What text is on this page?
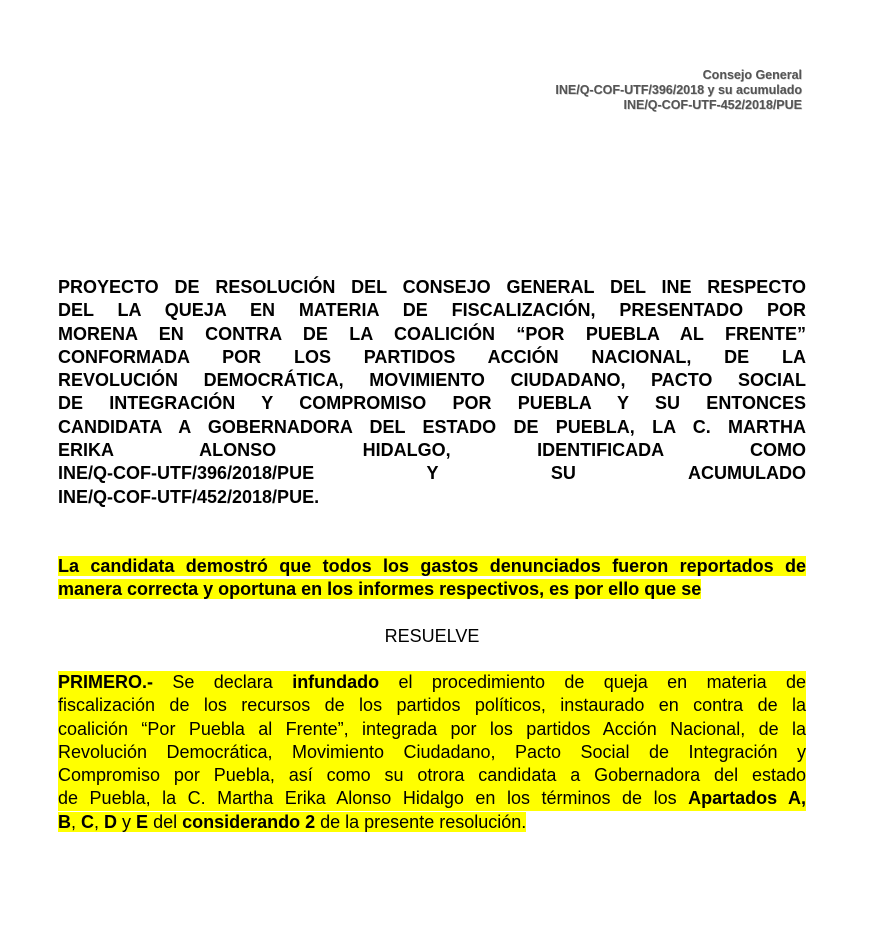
Consejo General
INE/Q-COF-UTF/396/2018 y su acumulado
INE/Q-COF-UTF-452/2018/PUE
PROYECTO DE RESOLUCIÓN DEL CONSEJO GENERAL DEL INE RESPECTO
DEL LA QUEJA EN MATERIA DE FISCALIZACIÓN, PRESENTADO POR
MORENA EN CONTRA DE LA COALICIÓN “POR PUEBLA AL FRENTE”
CONFORMADA POR LOS PARTIDOS ACCIÓN NACIONAL, DE LA
REVOLUCIÓN DEMOCRÁTICA, MOVIMIENTO CIUDADANO, PACTO SOCIAL
DE INTEGRACIÓN Y COMPROMISO POR PUEBLA Y SU ENTONCES
CANDIDATA A GOBERNADORA DEL ESTADO DE PUEBLA, LA C. MARTHA
ERIKA ALONSO HIDALGO, IDENTIFICADA COMO
INE/Q-COF-UTF/396/2018/PUE Y SU ACUMULADO
INE/Q-COF-UTF/452/2018/PUE.
La candidata demostró que todos los gastos denunciados fueron reportados de
manera correcta y oportuna en los informes respectivos, es por ello que se
RESUELVE
PRIMERO.- Se declara infundado el procedimiento de queja en materia de
fiscalización de los recursos de los partidos políticos, instaurado en contra de la
coalición “Por Puebla al Frente”, integrada por los partidos Acción Nacional, de la
Revolución Democrática, Movimiento Ciudadano, Pacto Social de Integración y
Compromiso por Puebla, así como su otrora candidata a Gobernadora del estado
de Puebla, la C. Martha Erika Alonso Hidalgo en los términos de los Apartados A,
B, C, D y E del considerando 2 de la presente resolución.
